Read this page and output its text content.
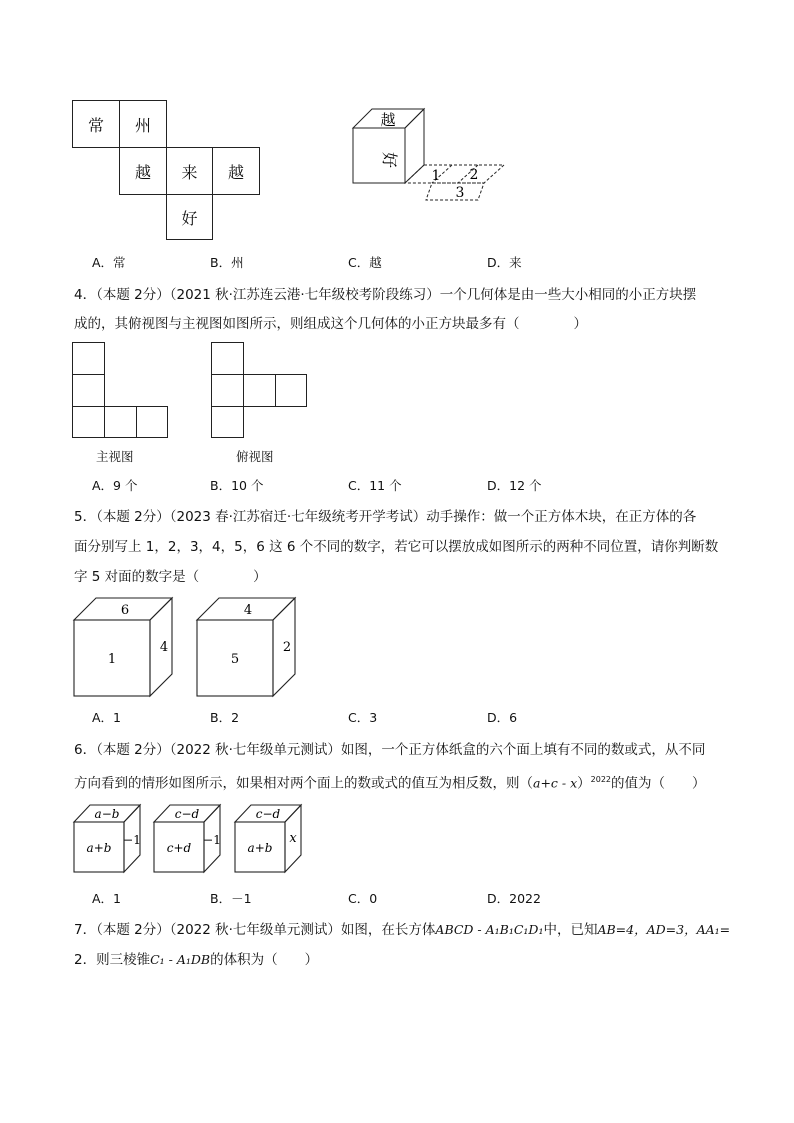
常	州
越	来	越
好
越
好
1 2
3
A．常	B．州	C．越	D．来
4．（本题 2分）（2021 秋·江苏连云港·七年级校考阶段练习）一个几何体是由一些大小相同的小正方块摆
成的，其俯视图与主视图如图所示，则组成这个几何体的小正方块最多有（　　　　）
主视图	俯视图
A．9 个	B．10 个	C．11 个	D．12 个
5．（本题 2分）（2023 春·江苏宿迁·七年级统考开学考试）动手操作：做一个正方体木块，在正方体的各
面分别写上 1，2，3，4，5，6 这 6 个不同的数字，若它可以摆放成如图所示的两种不同位置，请你判断数
字 5 对面的数字是（　　　　）
6
1
4
4
5
2
A．1	B．2	C．3	D．6
6．（本题 2分）（2022 秋·七年级单元测试）如图，一个正方体纸盒的六个面上填有不同的数或式，从不同
方向看到的情形如图所示，如果相对两个面上的数或式的值互为相反数，则$(a+c - x)^{2022}$的值为（　　）
a−b
a+b
−1
c−d
c+d
−1
c−d
a+b
x
A．1	B．－1	C．0	D．2022
7．（本题 2分）（2022 秋·七年级单元测试）如图，在长方体ABCD - A₁B₁C₁D₁中，已知AB=4，AD=3，AA₁=
2．则三棱锥C₁ - A₁DB的体积为（　　）
